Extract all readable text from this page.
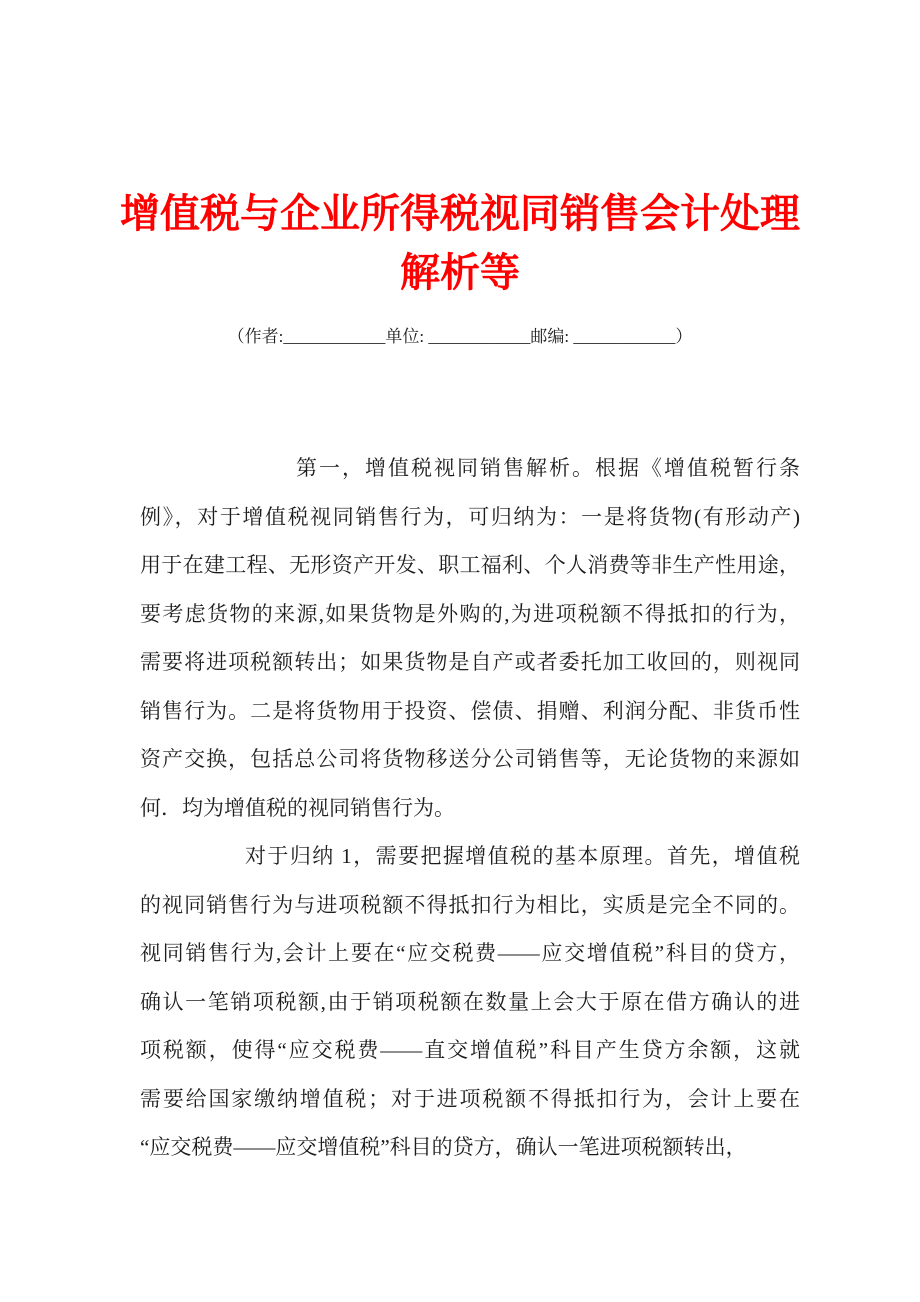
增值税与企业所得税视同销售会计处理
解析等
（作者:____________单位: ____________邮编: ____________）
第一，增值税视同销售解析。根据《增值税暂行条
例》，对于增值税视同销售行为，可归纳为：一是将货物(有形动产)
用于在建工程、无形资产开发、职工福利、个人消费等非生产性用途，
要考虑货物的来源,如果货物是外购的,为进项税额不得抵扣的行为，
需要将进项税额转出；如果货物是自产或者委托加工收回的，则视同
销售行为。二是将货物用于投资、偿债、捐赠、利润分配、非货币性
资产交换，包括总公司将货物移送分公司销售等，无论货物的来源如
何．均为增值税的视同销售行为。
对于归纳 1，需要把握增值税的基本原理。首先，增值税
的视同销售行为与进项税额不得抵扣行为相比，实质是完全不同的。
视同销售行为,会计上要在“应交税费——应交增值税”科目的贷方，
确认一笔销项税额,由于销项税额在数量上会大于原在借方确认的进
项税额，使得“应交税费——直交增值税”科目产生贷方余额，这就
需要给国家缴纳增值税；对于进项税额不得抵扣行为，会计上要在
“应交税费——应交增值税”科目的贷方，确认一笔进项税额转出，
